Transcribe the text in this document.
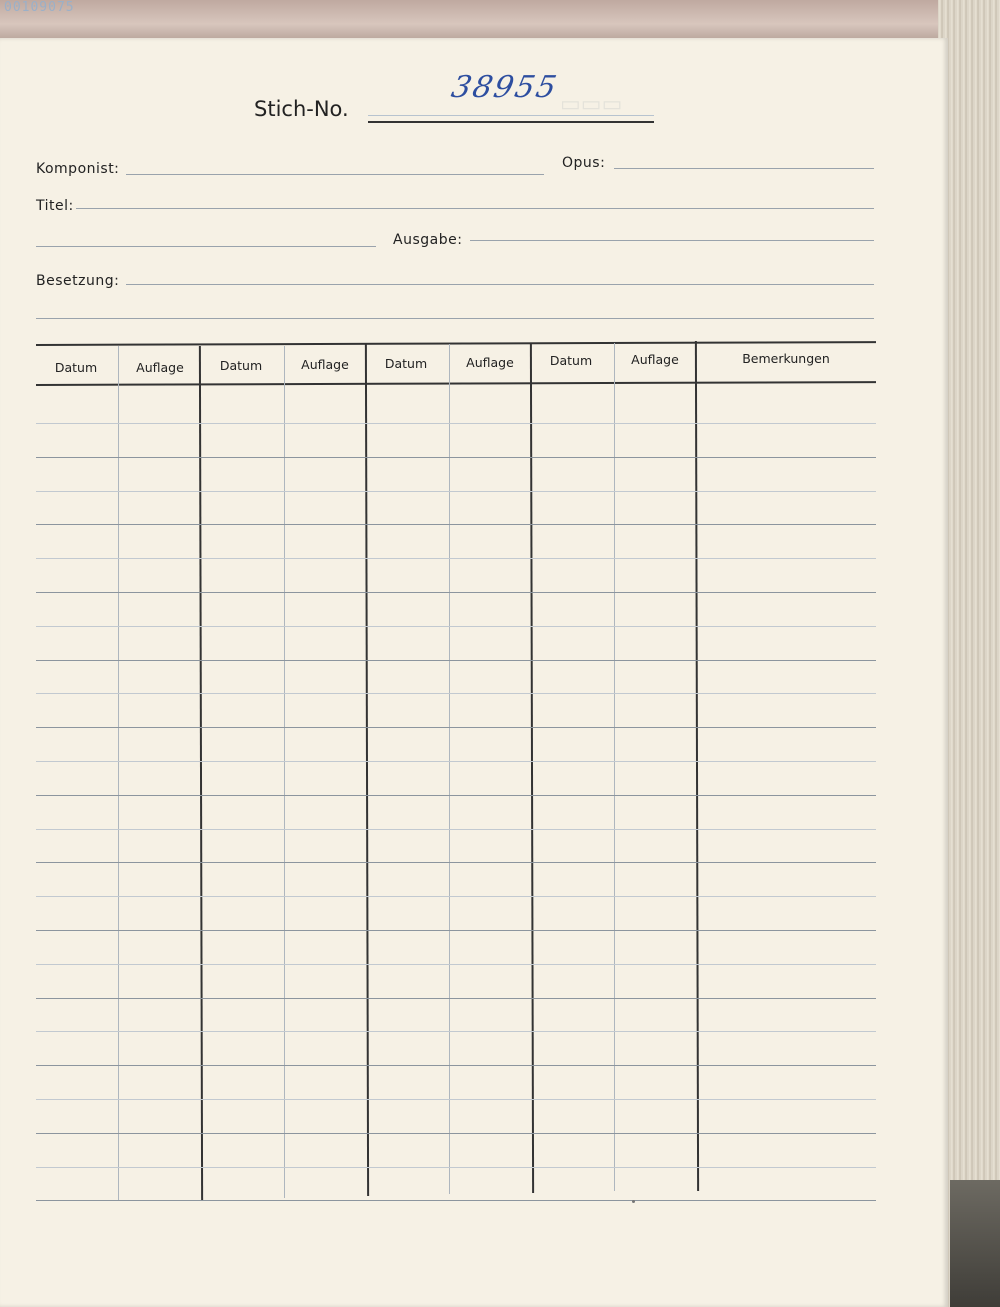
00109075
▭▭▭
Stich-No.
38955
Komponist:	Opus:
Titel:
Ausgabe:
Besetzung:
Datum	Auflage	Datum	Auflage	Datum	Auflage	Datum	Auflage	Bemerkungen
